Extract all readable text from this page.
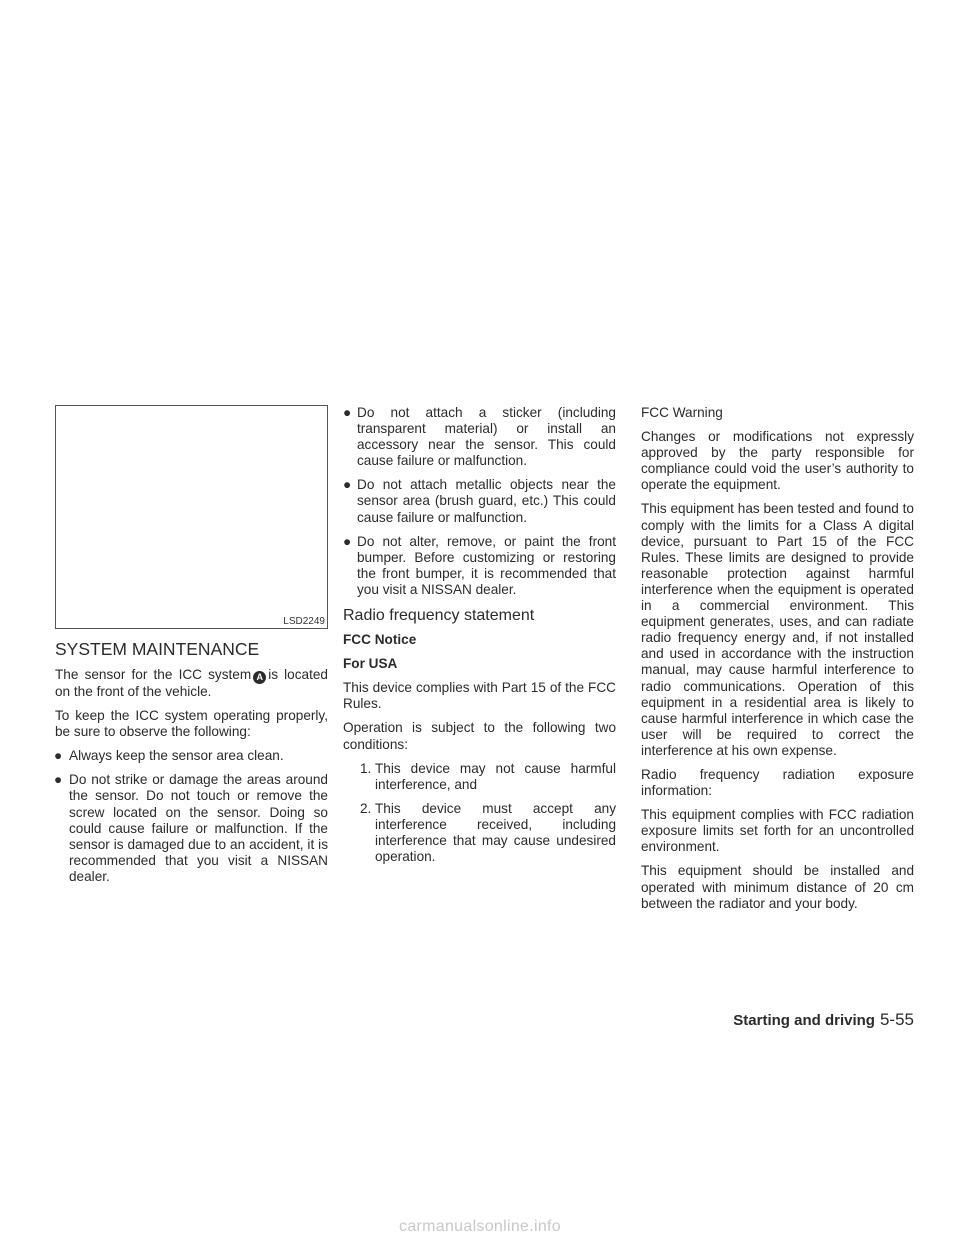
LSD2249
SYSTEM MAINTENANCE

The sensor for the ICC system A is located on the front of the vehicle.

To keep the ICC system operating properly, be sure to observe the following:

● Always keep the sensor area clean.
● Do not strike or damage the areas around the sensor. Do not touch or remove the screw located on the sensor. Doing so could cause failure or malfunction. If the sensor is damaged due to an accident, it is recommended that you visit a NISSAN dealer.
● Do not attach a sticker (including transparent material) or install an accessory near the sensor. This could cause failure or malfunction.
● Do not attach metallic objects near the sensor area (brush guard, etc.) This could cause failure or malfunction.
● Do not alter, remove, or paint the front bumper. Before customizing or restoring the front bumper, it is recommended that you visit a NISSAN dealer.
Radio frequency statement

FCC Notice

For USA

This device complies with Part 15 of the FCC Rules.

Operation is subject to the following two conditions:

1. This device may not cause harmful interference, and
2. This device must accept any interference received, including interference that may cause undesired operation.

FCC Warning

Changes or modifications not expressly approved by the party responsible for compliance could void the user’s authority to operate the equipment.

This equipment has been tested and found to comply with the limits for a Class A digital device, pursuant to Part 15 of the FCC Rules. These limits are designed to provide reasonable protection against harmful interference when the equipment is operated in a commercial environment. This equipment generates, uses, and can radiate radio frequency energy and, if not installed and used in accordance with the instruction manual, may cause harmful interference to radio communications. Operation of this equipment in a residential area is likely to cause harmful interference in which case the user will be required to correct the interference at his own expense.

Radio frequency radiation exposure information:

This equipment complies with FCC radiation exposure limits set forth for an uncontrolled environment.

This equipment should be installed and operated with minimum distance of 20 cm between the radiator and your body.

Starting and driving 5-55
carmanualsonline.info
